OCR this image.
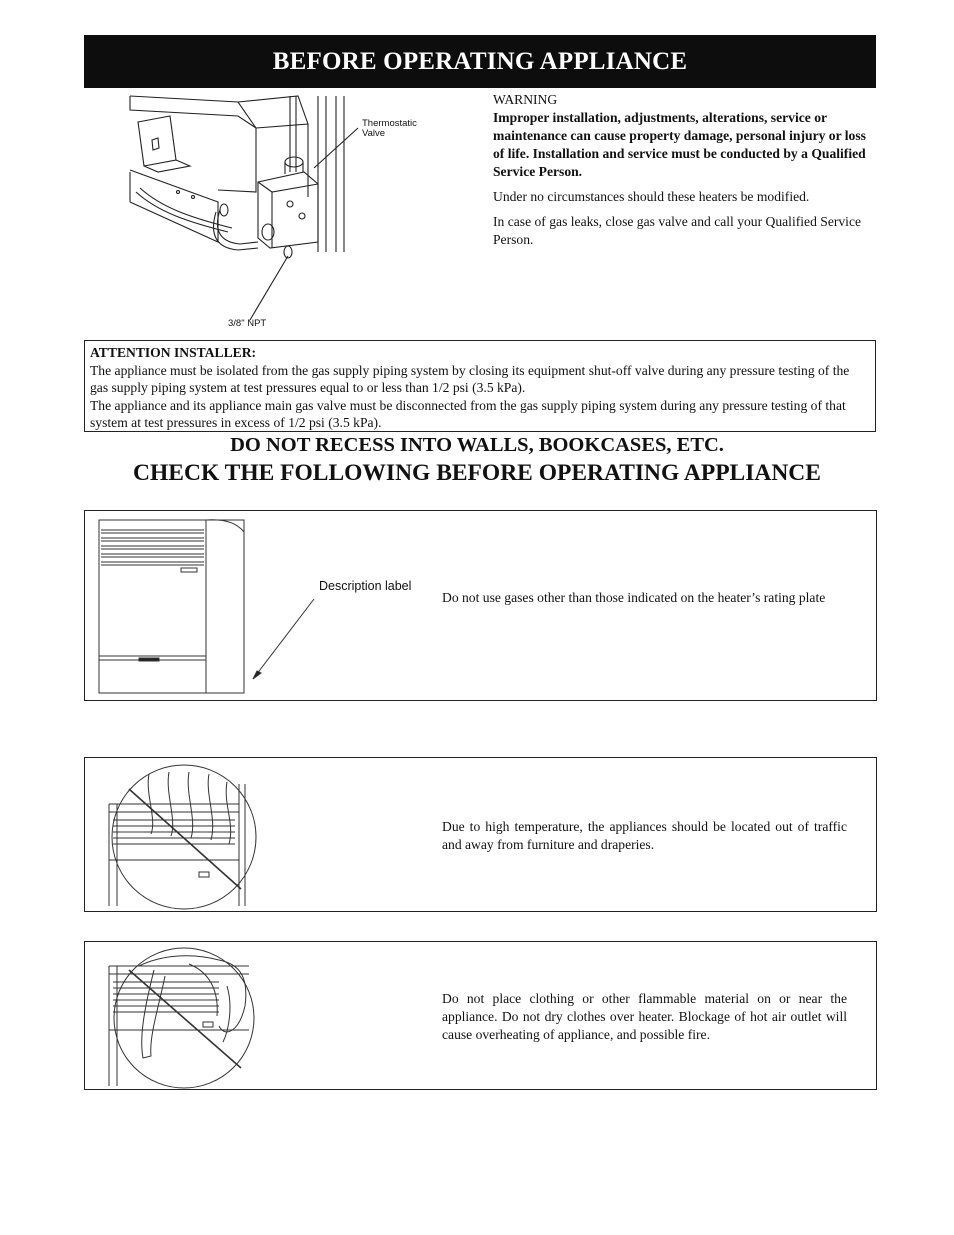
BEFORE OPERATING APPLIANCE
Thermostatic
Valve
3/8" NPT

WARNING

Improper installation, adjustments, alterations, service or maintenance can cause property damage, personal injury or loss of life. Installation and service must be conducted by a Qualified Service Person.

Under no circumstances should these heaters be modified.

In case of gas leaks, close gas valve and call your Qualified Service Person.

ATTENTION INSTALLER:

The appliance must be isolated from the gas supply piping system by closing its equipment shut-off valve during any pressure testing of the gas supply piping system at test pressures equal to or less than 1/2 psi (3.5 kPa).

The appliance and its appliance main gas valve must be disconnected from the gas supply piping system during any pressure testing of that system at test pressures in excess of 1/2 psi (3.5 kPa).

DO NOT RECESS INTO WALLS, BOOKCASES, ETC.
CHECK THE FOLLOWING BEFORE OPERATING APPLIANCE
Description label
Do not use gases other than those indicated on the heater’s rating plate
Due to high temperature, the appliances should be located out of traffic and away from furniture and draperies.
Do not place clothing or other flammable material on or near the appliance. Do not dry clothes over heater. Blockage of hot air outlet will cause overheating of appliance, and possible fire.
